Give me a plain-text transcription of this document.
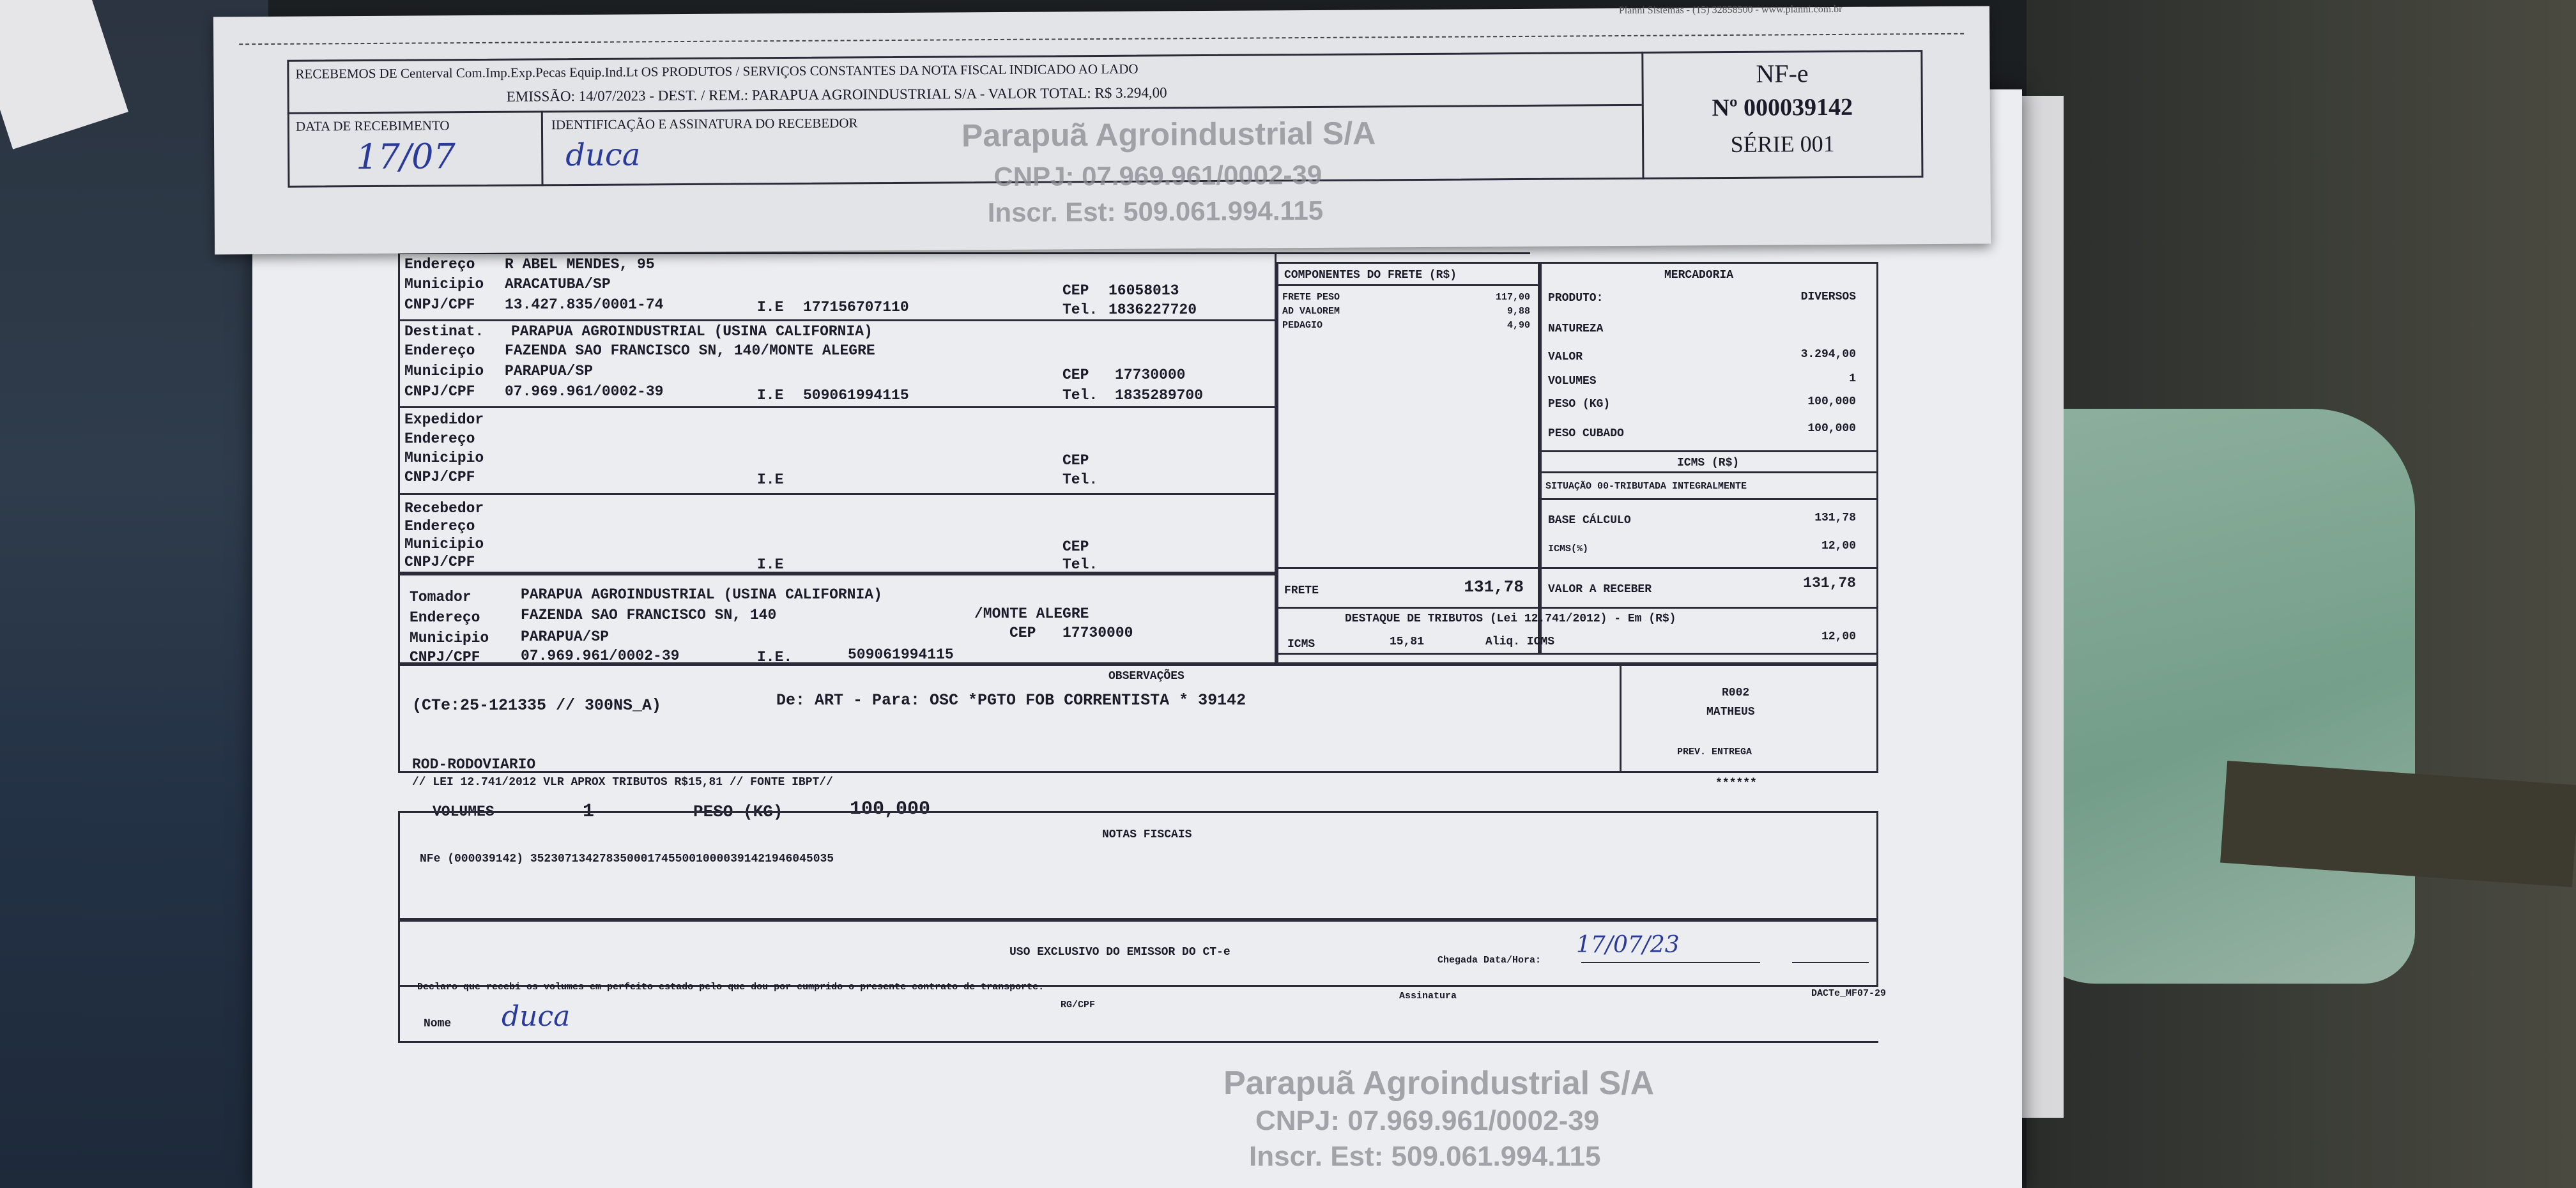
Endereço R ABEL MENDES, 95
Municipio ARACATUBA/SP	CEP 16058013
CNPJ/CPF 13.427.835/0001-74	I.E 177156707110	Tel. 1836227720
Destinat. PARAPUA AGROINDUSTRIAL (USINA CALIFORNIA)
Endereço FAZENDA SAO FRANCISCO SN, 140/MONTE ALEGRE
Municipio PARAPUA/SP	CEP 17730000
CNPJ/CPF 07.969.961/0002-39	I.E 509061994115	Tel. 1835289700
Expedidor
Endereço
Municipio	CEP
CNPJ/CPF	I.E	Tel.
Recebedor
Endereço
Municipio	CEP
CNPJ/CPF	I.E	Tel.
Tomador	PARAPUA AGROINDUSTRIAL (USINA CALIFORNIA)
Endereço	FAZENDA SAO FRANCISCO SN, 140	/MONTE ALEGRE
Municipio PARAPUA/SP	CEP 17730000
CNPJ/CPF	07.969.961/0002-39	I.E.	509061994115
COMPONENTES DO FRETE (R$)
FRETE PESO	117,00
AD VALOREM	9,88
PEDAGIO	4,90
FRETE	131,78
MERCADORIA
PRODUTO:	DIVERSOS
NATUREZA
VALOR	3.294,00
VOLUMES	1
PESO (KG)	100,000
PESO CUBADO	100,000
ICMS (R$)
SITUAÇÃO 00-TRIBUTADA INTEGRALMENTE
BASE CÁLCULO	131,78
ICMS(%)	12,00
VALOR A RECEBER	131,78
DESTAQUE DE TRIBUTOS (Lei 12.741/2012) - Em (R$)
ICMS	15,81	Aliq. ICMS	12,00
OBSERVAÇÕES
(CTe:25-121335 // 300NS_A)	De: ART - Para: OSC *PGTO FOB CORRENTISTA * 39142
ROD-RODOVIARIO
// LEI 12.741/2012 VLR APROX TRIBUTOS R$15,81 // FONTE IBPT//
VOLUMES	1	PESO (KG)	100,000
R002
MATHEUS
PREV. ENTREGA
******
NOTAS FISCAIS
NFe (000039142) 35230713427835000174550010000391421946045035
USO EXCLUSIVO DO EMISSOR DO CT-e
Chegada Data/Hora:
17/07/23
Declaro que recebi os volumes em perfeito estado pelo que dou por cumprido o presente contrato de transporte.
Assinatura	DACTe_MF07-29
Nome duca	RG/CPF
Parapuã Agroindustrial S/A
CNPJ: 07.969.961/0002-39
Inscr. Est: 509.061.994.115
Planni Sistemas - (15) 32858500 - www.planni.com.br
RECEBEMOS DE Centerval Com.Imp.Exp.Pecas Equip.Ind.Lt OS PRODUTOS / SERVIÇOS CONSTANTES DA NOTA FISCAL INDICADO AO LADO
EMISSÃO: 14/07/2023 - DEST. / REM.: PARAPUA AGROINDUSTRIAL S/A - VALOR TOTAL: R$ 3.294,00
DATA DE RECEBIMENTO
17/07
IDENTIFICAÇÃO E ASSINATURA DO RECEBEDOR
duca
Parapuã Agroindustrial S/A
CNPJ: 07.969.961/0002-39
Inscr. Est: 509.061.994.115
NF-e
Nº 000039142
SÉRIE 001
